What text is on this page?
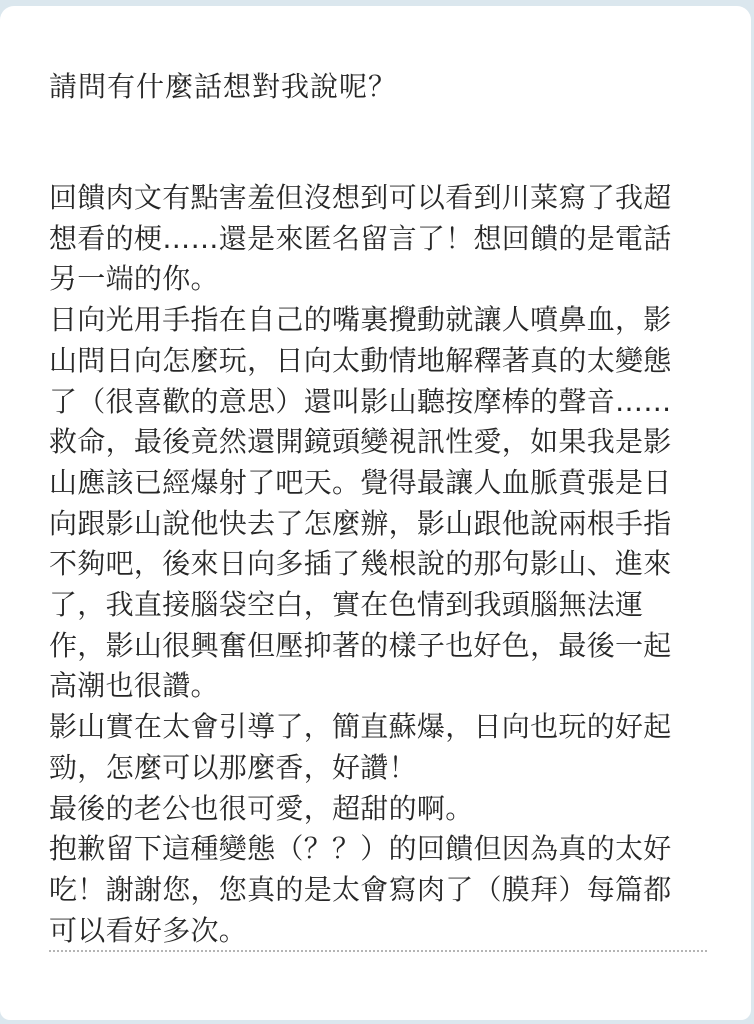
請問有什麼話想對我說呢？

回饋肉文有點害羞但沒想到可以看到川菜寫了我超想看的梗……還是來匿名留言了！想回饋的是電話另一端的你。

日向光用手指在自己的嘴裏攪動就讓人噴鼻血，影山問日向怎麼玩，日向太動情地解釋著真的太變態了（很喜歡的意思）還叫影山聽按摩棒的聲音……救命，最後竟然還開鏡頭變視訊性愛，如果我是影山應該已經爆射了吧天。覺得最讓人血脈賁張是日向跟影山說他快去了怎麼辦，影山跟他說兩根手指不夠吧，後來日向多插了幾根說的那句影山、進來了，我直接腦袋空白，實在色情到我頭腦無法運作，影山很興奮但壓抑著的樣子也好色，最後一起高潮也很讚。

影山實在太會引導了，簡直蘇爆，日向也玩的好起勁，怎麼可以那麼香，好讚！

最後的老公也很可愛，超甜的啊。

抱歉留下這種變態（？？）的回饋但因為真的太好吃！謝謝您，您真的是太會寫肉了（膜拜）每篇都可以看好多次。
